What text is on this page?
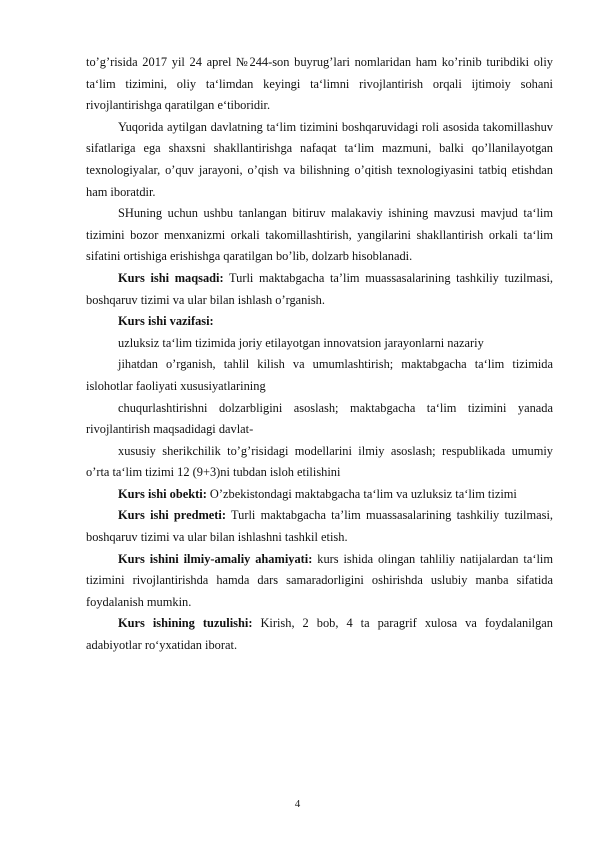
to’g’risida 2017 yil 24 aprel №244-son buyrug’lari nomlaridan ham ko’rinib turibdiki oliy ta‘lim tizimini, oliy ta‘limdan keyingi ta‘limni rivojlantirish orqali ijtimoiy sohani rivojlantirishga qaratilgan e‘tiboridir.

Yuqorida aytilgan davlatning ta‘lim tizimini boshqaruvidagi roli asosida takomillashuv sifatlariga ega shaxsni shakllantirishga nafaqat ta‘lim mazmuni, balki qo’llanilayotgan texnologiyalar, o’quv jarayoni, o’qish va bilishning o’qitish texnologiyasini tatbiq etishdan ham iboratdir.

SHuning uchun ushbu tanlangan bitiruv malakaviy ishining mavzusi mavjud ta‘lim tizimini bozor menxanizmi orkali takomillashtirish, yangilarini shakllantirish orkali ta‘lim sifatini ortishiga erishishga qaratilgan bo’lib, dolzarb hisoblanadi.

Kurs ishi maqsadi: Turli maktabgacha ta’lim muassasalarining tashkiliy tuzilmasi, boshqaruv tizimi va ular bilan ishlash o’rganish.

Kurs ishi vazifasi:

uzluksiz ta‘lim tizimida joriy etilayotgan innovatsion jarayonlarni nazariy

jihatdan o’rganish, tahlil kilish va umumlashtirish; maktabgacha ta‘lim tizimida islohotlar faoliyati xususiyatlarining

chuqurlashtirishni dolzarbligini asoslash; maktabgacha ta‘lim tizimini yanada rivojlantirish maqsadidagi davlat-

xususiy sherikchilik to’g’risidagi modellarini ilmiy asoslash; respublikada umumiy o’rta ta‘lim tizimi 12 (9+3)ni tubdan isloh etilishini

Kurs ishi obekti: O’zbekistondagi maktabgacha ta‘lim va uzluksiz ta‘lim tizimi

Kurs ishi predmeti: Turli maktabgacha ta’lim muassasalarining tashkiliy tuzilmasi, boshqaruv tizimi va ular bilan ishlashni tashkil etish.

Kurs ishini ilmiy-amaliy ahamiyati: kurs ishida olingan tahliliy natijalardan ta‘lim tizimini rivojlantirishda hamda dars samaradorligini oshirishda uslubiy manba sifatida foydalanish mumkin.

Kurs ishining tuzulishi: Kirish, 2 bob, 4 ta paragrif xulosa va foydalanilgan adabiyotlar ro‘yxatidan iborat.

4
